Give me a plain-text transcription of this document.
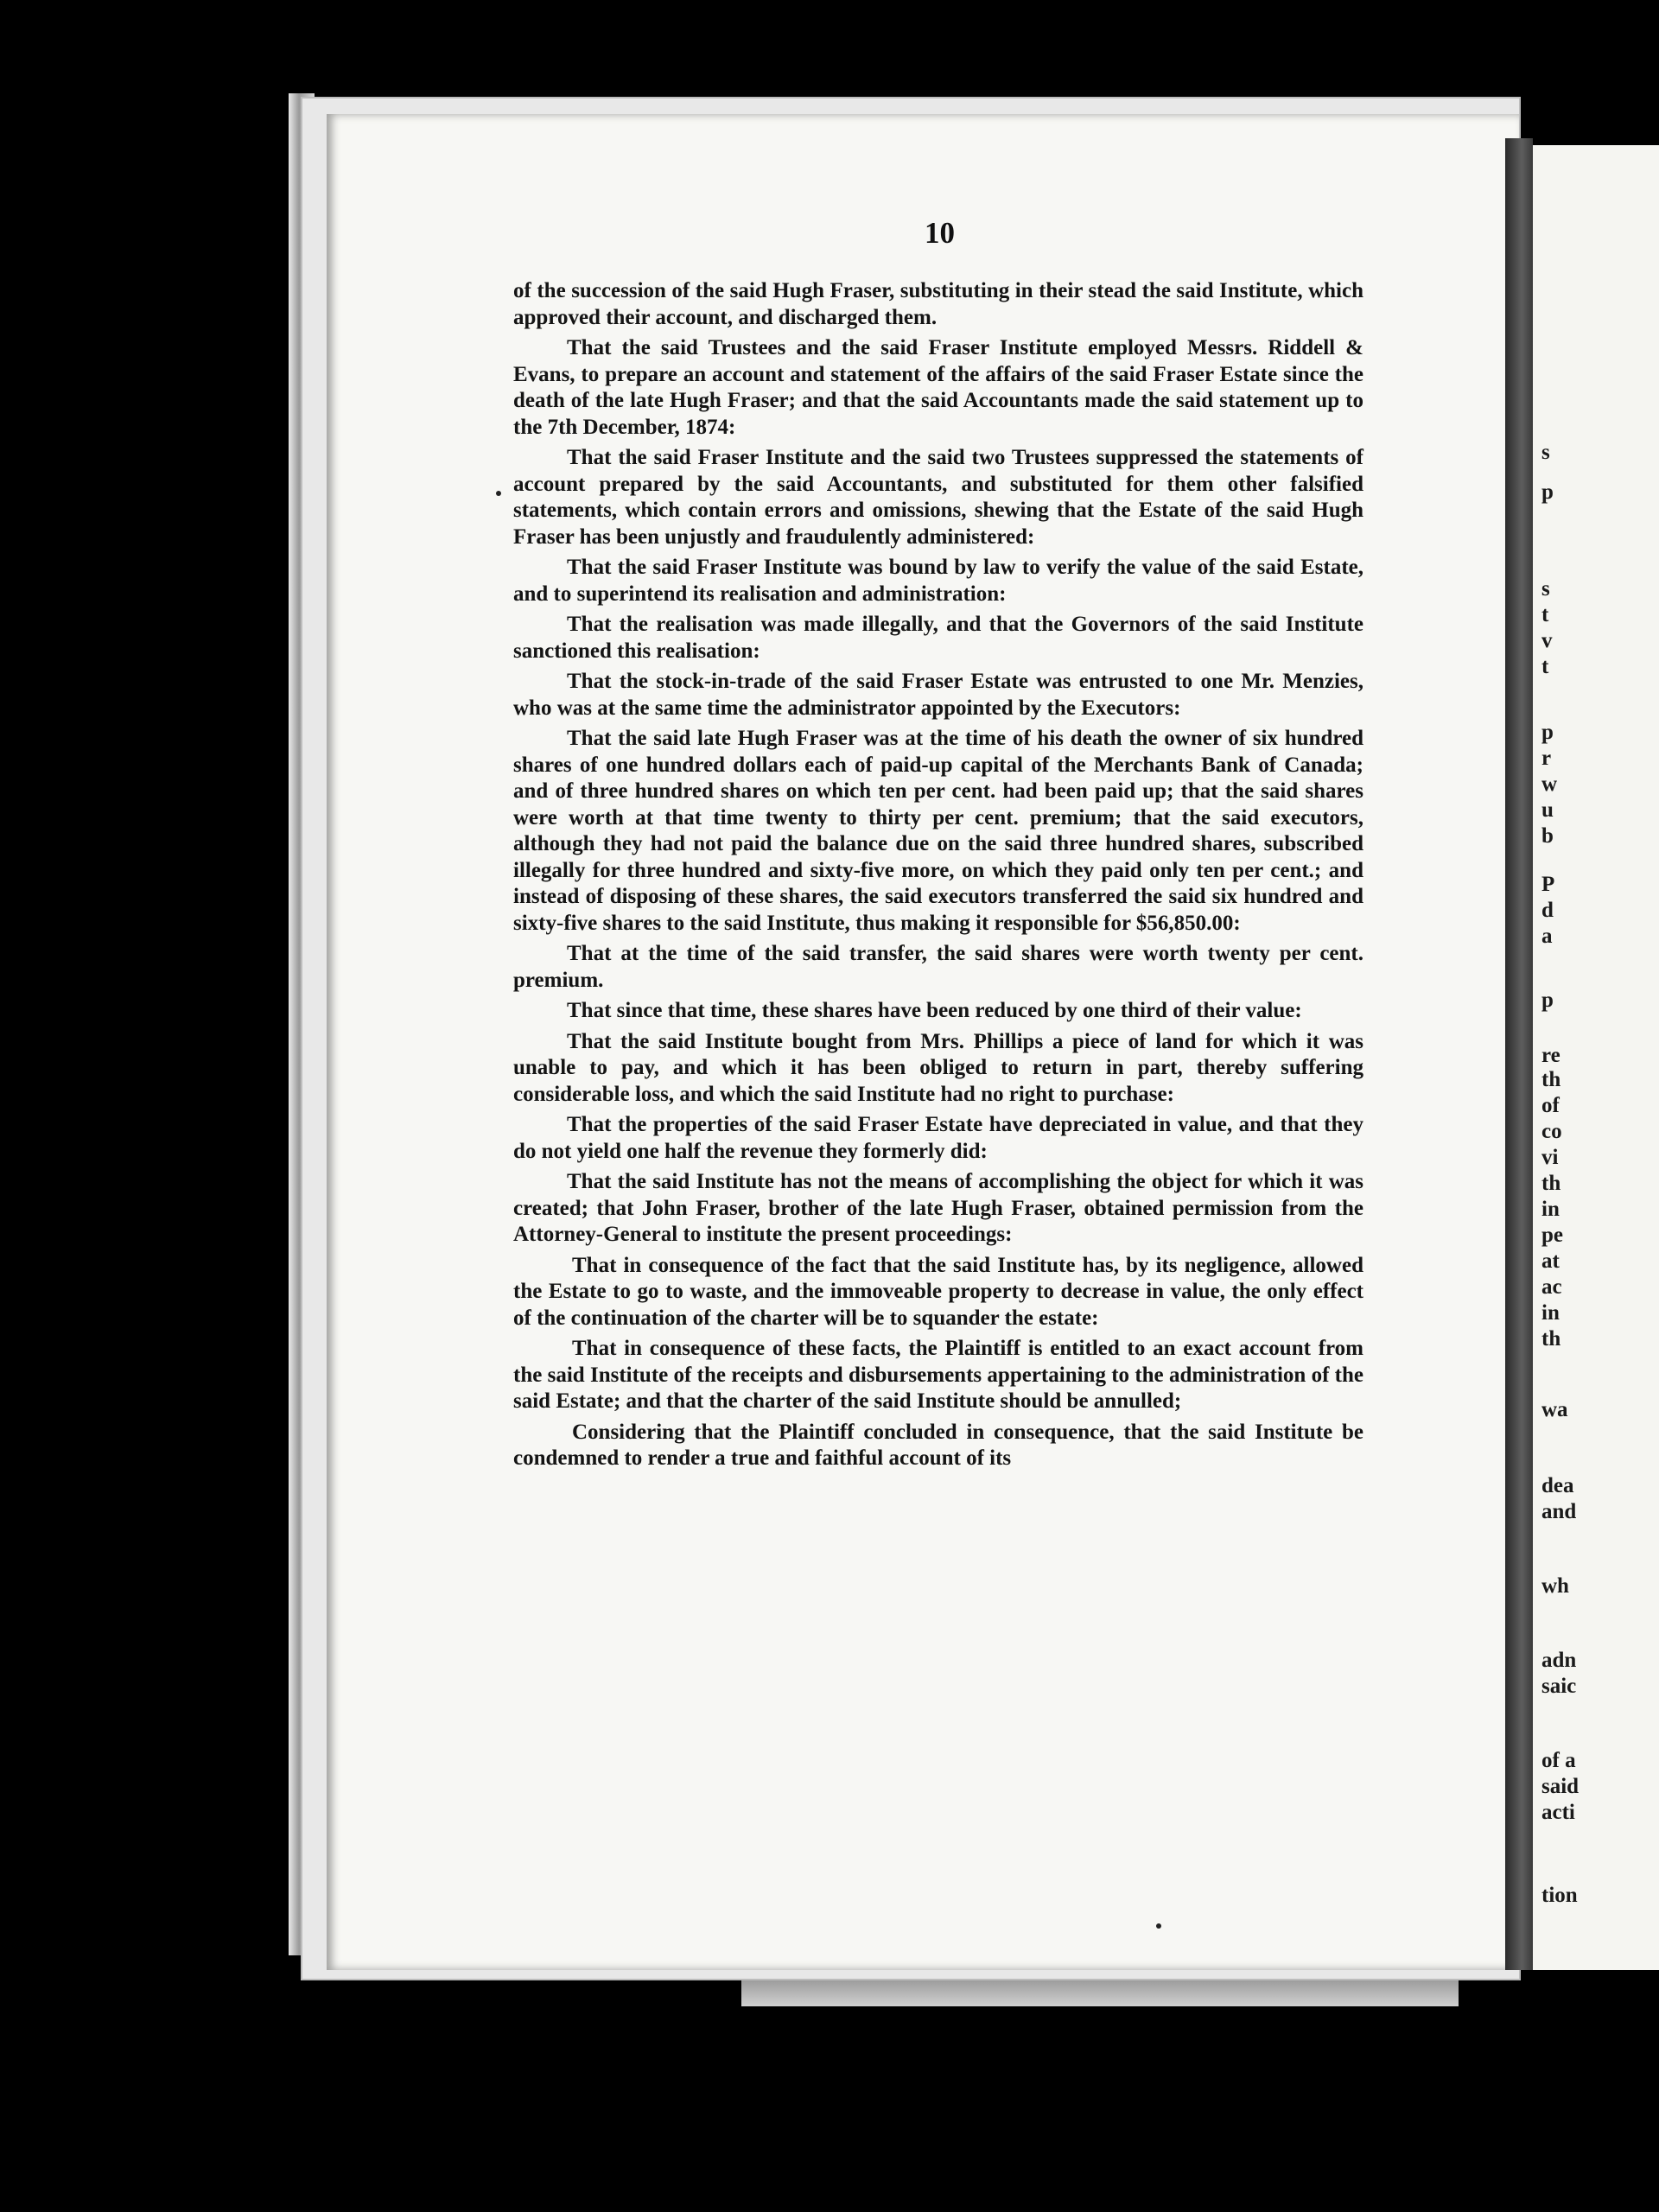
10

of the succession of the said Hugh Fraser, substituting in their stead the said Institute, which approved their account, and discharged them.

That the said Trustees and the said Fraser Institute employed Messrs. Riddell & Evans, to prepare an account and statement of the affairs of the said Fraser Estate since the death of the late Hugh Fraser; and that the said Accountants made the said statement up to the 7th December, 1874:

That the said Fraser Institute and the said two Trustees suppressed the statements of account prepared by the said Accountants, and substituted for them other falsified statements, which contain errors and omissions, shewing that the Estate of the said Hugh Fraser has been unjustly and fraudulently administered:

That the said Fraser Institute was bound by law to verify the value of the said Estate, and to superintend its realisation and administration:

That the realisation was made illegally, and that the Governors of the said Institute sanctioned this realisation:

That the stock-in-trade of the said Fraser Estate was entrusted to one Mr. Menzies, who was at the same time the administrator appointed by the Executors:

That the said late Hugh Fraser was at the time of his death the owner of six hundred shares of one hundred dollars each of paid-up capital of the Merchants Bank of Canada; and of three hundred shares on which ten per cent. had been paid up; that the said shares were worth at that time twenty to thirty per cent. premium; that the said executors, although they had not paid the balance due on the said three hundred shares, subscribed illegally for three hundred and sixty-five more, on which they paid only ten per cent.; and instead of disposing of these shares, the said executors transferred the said six hundred and sixty-five shares to the said Institute, thus making it responsible for $56,850.00:

That at the time of the said transfer, the said shares were worth twenty per cent. premium.

That since that time, these shares have been reduced by one third of their value:

That the said Institute bought from Mrs. Phillips a piece of land for which it was unable to pay, and which it has been obliged to return in part, thereby suffering considerable loss, and which the said Institute had no right to purchase:

That the properties of the said Fraser Estate have depreciated in value, and that they do not yield one half the revenue they formerly did:

That the said Institute has not the means of accomplishing the object for which it was created; that John Fraser, brother of the late Hugh Fraser, obtained permission from the Attorney-General to institute the present proceedings:

That in consequence of the fact that the said Institute has, by its negligence, allowed the Estate to go to waste, and the immoveable property to decrease in value, the only effect of the continuation of the charter will be to squander the estate:

That in consequence of these facts, the Plaintiff is entitled to an exact account from the said Institute of the receipts and disbursements appertaining to the administration of the said Estate; and that the charter of the said Institute should be annulled;

Considering that the Plaintiff concluded in consequence, that the said Institute be condemned to render a true and faithful account of its

s
p
s
t
v
t
p
r
w
u
b
P
d
a
p
re
th
of
co
vi
th
in
pe
at
ac
in
th
wa
dea
and
wh
adn
saic
of a
said
acti
tion
